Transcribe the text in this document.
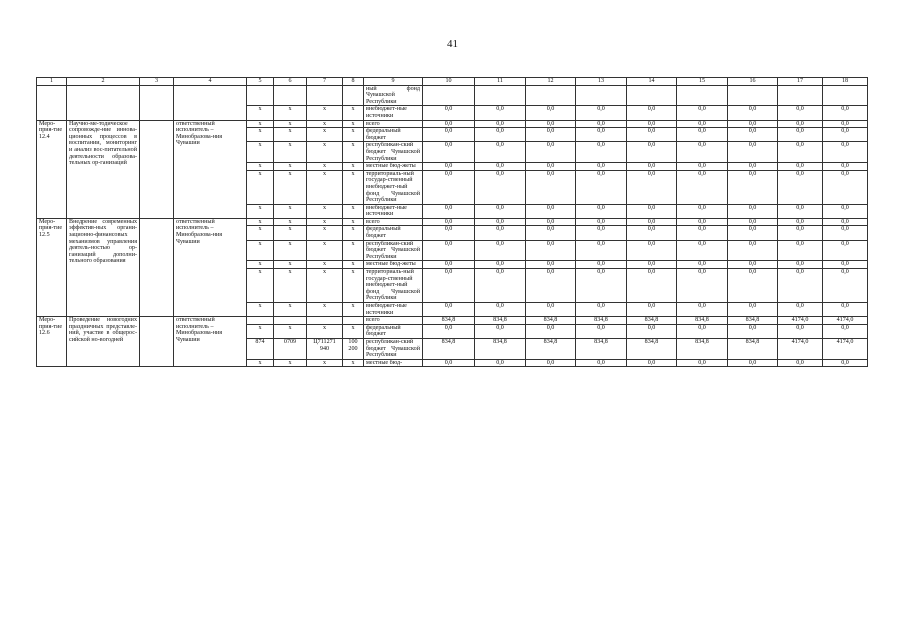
41
1	2	3	4	5	6	7	8	9	10	11	12	13	14	15	16	17	18
								ный фонд Чувашской Республики									
				x	x	x	x	внебюджет-ные источники	0,0	0,0	0,0	0,0	0,0	0,0	0,0	0,0	0,0
Меро-прия-тие 12.4	Научно-ме-тодическое сопровожде-ние иннова-ционных процессов в воспитании, мониторинг и анализ вос-питательной деятельности образова-тельных ор-ганизаций		ответственный исполнитель – Минобразова-ния Чувашии	x	x	x	x	всего	0,0	0,0	0,0	0,0	0,0	0,0	0,0	0,0	0,0
				x	x	x	x	федеральный бюджет	0,0	0,0	0,0	0,0	0,0	0,0	0,0	0,0	0,0
				x	x	x	x	республикан-ский бюджет Чувашской Республики	0,0	0,0	0,0	0,0	0,0	0,0	0,0	0,0	0,0
				x	x	x	x	местные бюд-жеты	0,0	0,0	0,0	0,0	0,0	0,0	0,0	0,0	0,0
				x	x	x	x	территориаль-ный государ-ственный внебюджет-ный фонд Чувашской Республики	0,0	0,0	0,0	0,0	0,0	0,0	0,0	0,0	0,0
				x	x	x	x	внебюджет-ные источники	0,0	0,0	0,0	0,0	0,0	0,0	0,0	0,0	0,0
Меро-прия-тие 12.5	Внедрение современных эффектив-ных органи-зационно-финансовых механизмов управления деятель-ностью ор-ганизаций дополни-тельного образования		ответственный исполнитель – Минобразова-ния Чувашии	x	x	x	x	всего	0,0	0,0	0,0	0,0	0,0	0,0	0,0	0,0	0,0
				x	x	x	x	федеральный бюджет	0,0	0,0	0,0	0,0	0,0	0,0	0,0	0,0	0,0
				x	x	x	x	республикан-ский бюджет Чувашской Республики	0,0	0,0	0,0	0,0	0,0	0,0	0,0	0,0	0,0
				x	x	x	x	местные бюд-жеты	0,0	0,0	0,0	0,0	0,0	0,0	0,0	0,0	0,0
				x	x	x	x	территориаль-ный государ-ственный внебюджет-ный фонд Чувашской Республики	0,0	0,0	0,0	0,0	0,0	0,0	0,0	0,0	0,0
				x	x	x	x	внебюджет-ные источники	0,0	0,0	0,0	0,0	0,0	0,0	0,0	0,0	0,0
Меро-прия-тие 12.6	Проведение новогодних праздничных представле-ний, участие в общерос-сийской но-вогодней		ответственный исполнитель – Минобразова-ния Чувашии					всего	834,8	834,8	834,8	834,8	834,8	834,8	834,8	4174,0	4174,0
				x	x	x	x	федеральный бюджет	0,0	0,0	0,0	0,0	0,0	0,0	0,0	0,0	0,0
				874	0709	Ц711271 940	100 200	республикан-ский бюджет Чувашской Республики	834,8	834,8	834,8	834,8	834,8	834,8	834,8	4174,0	4174,0
				x	x	x	x	местные бюд-	0,0	0,0	0,0	0,0	0,0	0,0	0,0	0,0	0,0
